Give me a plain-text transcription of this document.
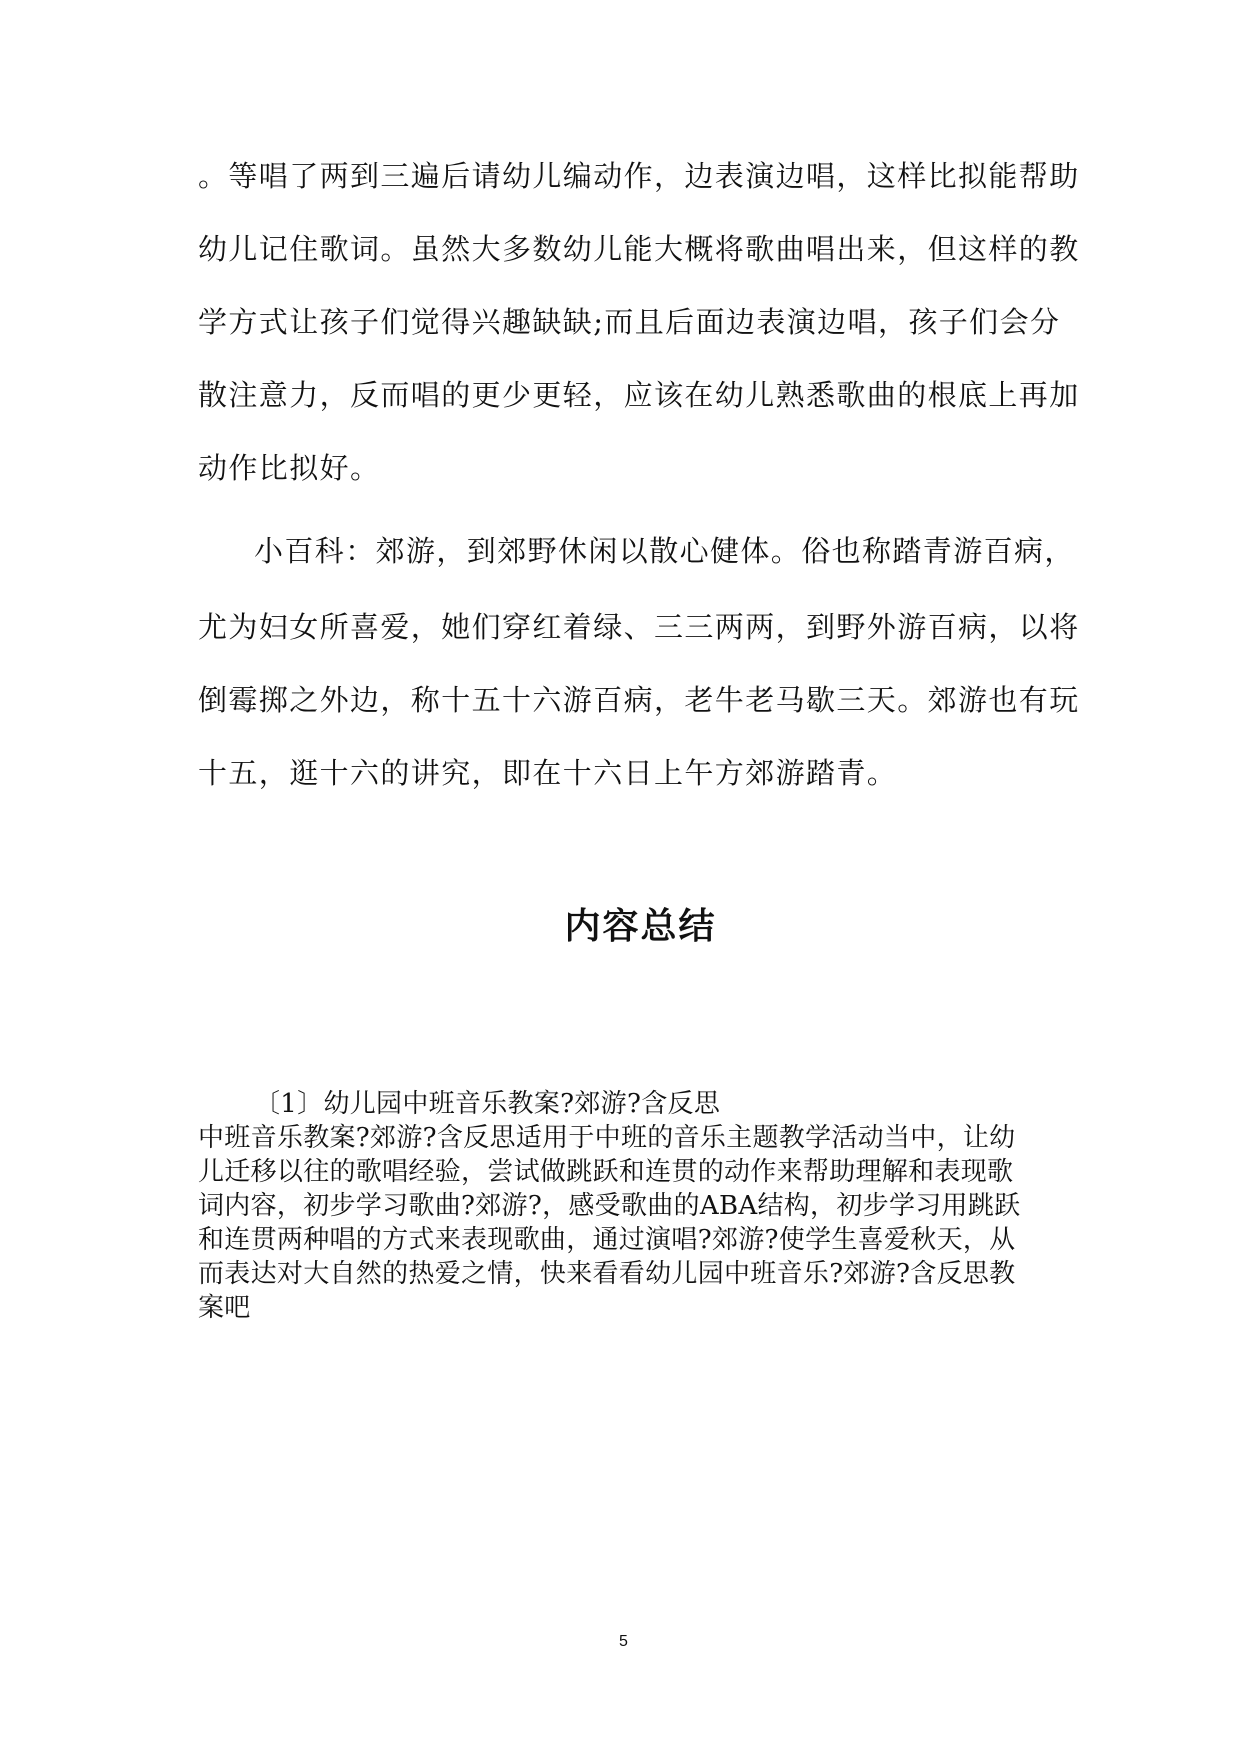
。等唱了两到三遍后请幼儿编动作，边表演边唱，这样比拟能帮助
幼儿记住歌词。虽然大多数幼儿能大概将歌曲唱出来，但这样的教
学方式让孩子们觉得兴趣缺缺;而且后面边表演边唱，孩子们会分
散注意力，反而唱的更少更轻，应该在幼儿熟悉歌曲的根底上再加
动作比拟好。
小百科：郊游，到郊野休闲以散心健体。俗也称踏青游百病，
尤为妇女所喜爱，她们穿红着绿、三三两两，到野外游百病，以将
倒霉掷之外边，称十五十六游百病，老牛老马歇三天。郊游也有玩
十五，逛十六的讲究，即在十六日上午方郊游踏青。
内容总结
〔1〕幼儿园中班音乐教案?郊游?含反思
中班音乐教案?郊游?含反思适用于中班的音乐主题教学活动当中，让幼
儿迁移以往的歌唱经验，尝试做跳跃和连贯的动作来帮助理解和表现歌
词内容，初步学习歌曲?郊游?，感受歌曲的ABA结构，初步学习用跳跃
和连贯两种唱的方式来表现歌曲，通过演唱?郊游?使学生喜爱秋天，从
而表达对大自然的热爱之情，快来看看幼儿园中班音乐?郊游?含反思教
案吧
5
